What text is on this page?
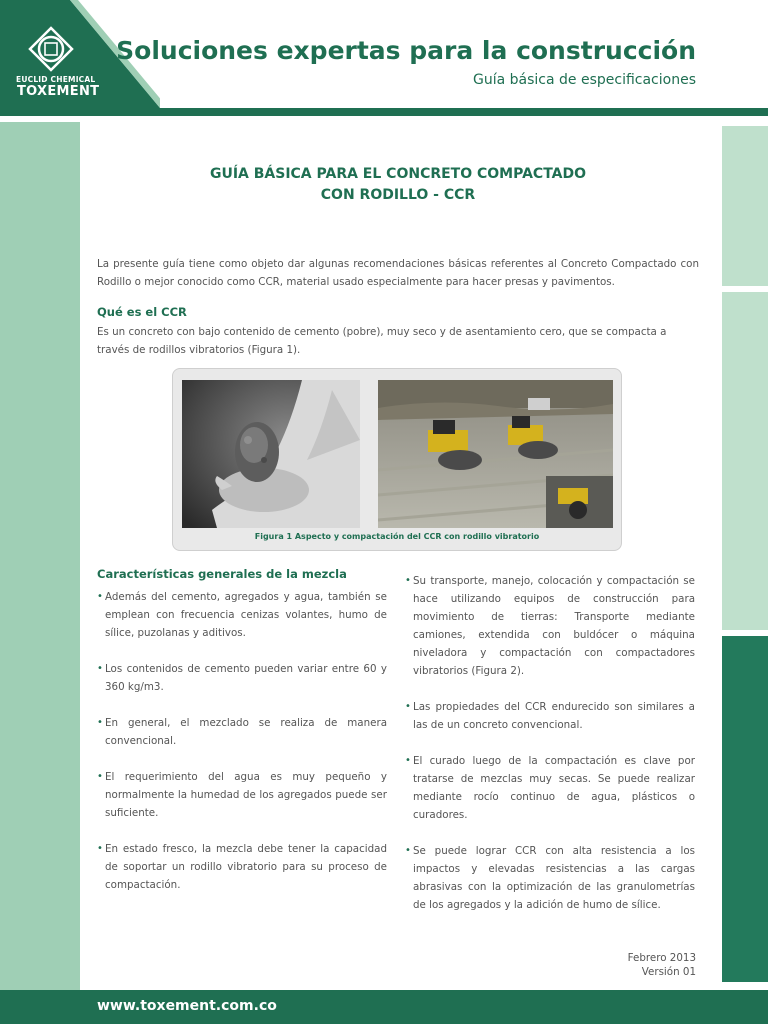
EUCLID CHEMICAL
TOXEMENT
Soluciones expertas para la construcción
Guía básica de especificaciones
GUÍA BÁSICA PARA EL CONCRETO COMPACTADO
CON RODILLO - CCR

La presente guía tiene como objeto dar algunas recomendaciones básicas referentes al Concreto Compactado con Rodillo o mejor conocido como CCR, material usado especialmente para hacer presas y pavimentos.

Qué es el CCR

Es un concreto con bajo contenido de cemento (pobre), muy seco y de asentamiento cero, que se compacta a través de rodillos vibratorios (Figura 1).

Figura 1 Aspecto y compactación del CCR con rodillo vibratorio
Características generales de la mezcla
• Además del cemento, agregados y agua, también se emplean con frecuencia cenizas volantes, humo de sílice, puzolanas y aditivos.
• Los contenidos de cemento pueden variar entre 60 y 360 kg/m3.
• En general, el mezclado se realiza de manera convencional.
• El requerimiento del agua es muy pequeño y normalmente la humedad de los agregados puede ser suficiente.
• En estado fresco, la mezcla debe tener la capacidad de soportar un rodillo vibratorio para su proceso de compactación.
• Su transporte, manejo, colocación y compactación se hace utilizando equipos de construcción para movimiento de tierras: Transporte mediante camiones, extendida con buldócer o máquina niveladora y compactación con compactadores vibratorios (Figura 2).
• Las propiedades del CCR endurecido son similares a las de un concreto convencional.
• El curado luego de la compactación es clave por tratarse de mezclas muy secas. Se puede realizar mediante rocío continuo de agua, plásticos o curadores.
• Se puede lograr CCR con alta resistencia a los impactos y elevadas resistencias a las cargas abrasivas con la optimización de las granulometrías de los agregados y la adición de humo de sílice.
Febrero 2013
Versión 01
www.toxement.com.co
